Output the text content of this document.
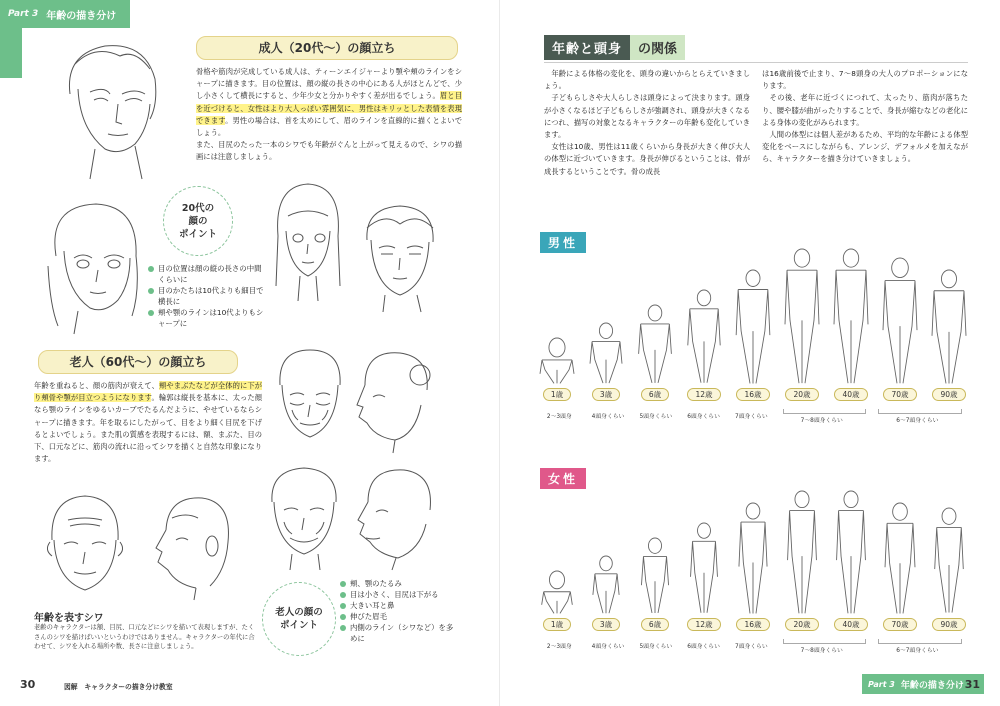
Part 3 年齢の描き分け
成人（20代〜）の顔立ち
骨格や筋肉が完成している成人は、ティーンエイジャーより顎や頬のラインをシャープに描きます。目の位置は、顔の縦の長さの中心にある人がほとんどで、少し小さくして横長にすると、少年少女と分かりやすく差が出るでしょう。眉と目を近づけると、女性はより大人っぽい雰囲気に、男性はキリッとした表情を表現できます。男性の場合は、首を太めにして、眉のラインを直線的に描くとよいでしょう。
また、目尻のたった一本のシワでも年齢がぐんと上がって見えるので、シワの描画には注意しましょう。
20代の
顔の
ポイント
目の位置は顔の縦の長さの中間くらいに
目のかたちは10代よりも細目で横長に
頬や顎のラインは10代よりもシャープに
老人（60代〜）の顔立ち
年齢を重ねると、顔の筋肉が衰えて、頬やまぶたなどが全体的に下がり頬骨や顎が目立つようになります。輪郭は縦長を基本に、太った顔なら顎のラインをゆるいカーブでたるんだように、やせているならシャープに描きます。年を取るにしたがって、目をより細く目尻を下げるとよいでしょう。また肌の質感を表現するには、額、まぶた、目の下、口元などに、筋肉の流れに沿ってシワを描くと自然な印象になります。
年齢を表すシワ
老齢のキャラクターは額、目尻、口元などにシワを描いて表現しますが、たくさんのシワを描けばいいというわけではありません。キャラクターの年代に合わせて、シワを入れる場所や数、長さに注意しましょう。
老人の顔の
ポイント
頬、顎のたるみ
目は小さく、目尻は下がる
大きい耳と鼻
伸びた眉毛
内側のライン（シワなど）を多めに
30	図解　キャラクターの描き分け教室
年齢と頭身	の関係
　年齢による体格の変化を、頭身の違いからとらえていきましょう。
　子どもらしさや大人らしさは頭身によって決まります。頭身が小さくなるほど子どもらしさが強調され、頭身が大きくなるにつれ、描写の対象となるキャラクターの年齢も変化していきます。
　女性は10歳、男性は11歳くらいから身長が大きく伸び大人の体型に近づいていきます。身長が伸びるということは、骨が成長するということです。骨の成長
は16歳前後で止まり、7〜8頭身の大人のプロポーションになります。
　その後、老年に近づくにつれて、太ったり、筋肉が落ちたり、腰や膝が曲がったりすることで、身長が縮むなどの老化による身体の変化がみられます。
　人間の体型には個人差があるため、平均的な年齢による体型変化をベースにしながらも、アレンジ、デフォルメを加えながら、キャラクターを描き分けていきましょう。
男性
1歳	3歳	6歳	12歳	16歳	20歳	40歳	70歳	90歳
2〜3頭身	4頭身くらい	5頭身くらい	6頭身くらい	7頭身くらい
7〜8頭身くらい	6〜7頭身くらい
女性
1歳	3歳	6歳	12歳	16歳	20歳	40歳	70歳	90歳
2〜3頭身	4頭身くらい	5頭身くらい	6頭身くらい	7頭身くらい
7〜8頭身くらい	6〜7頭身くらい
Part 3 年齢の描き分け 31
